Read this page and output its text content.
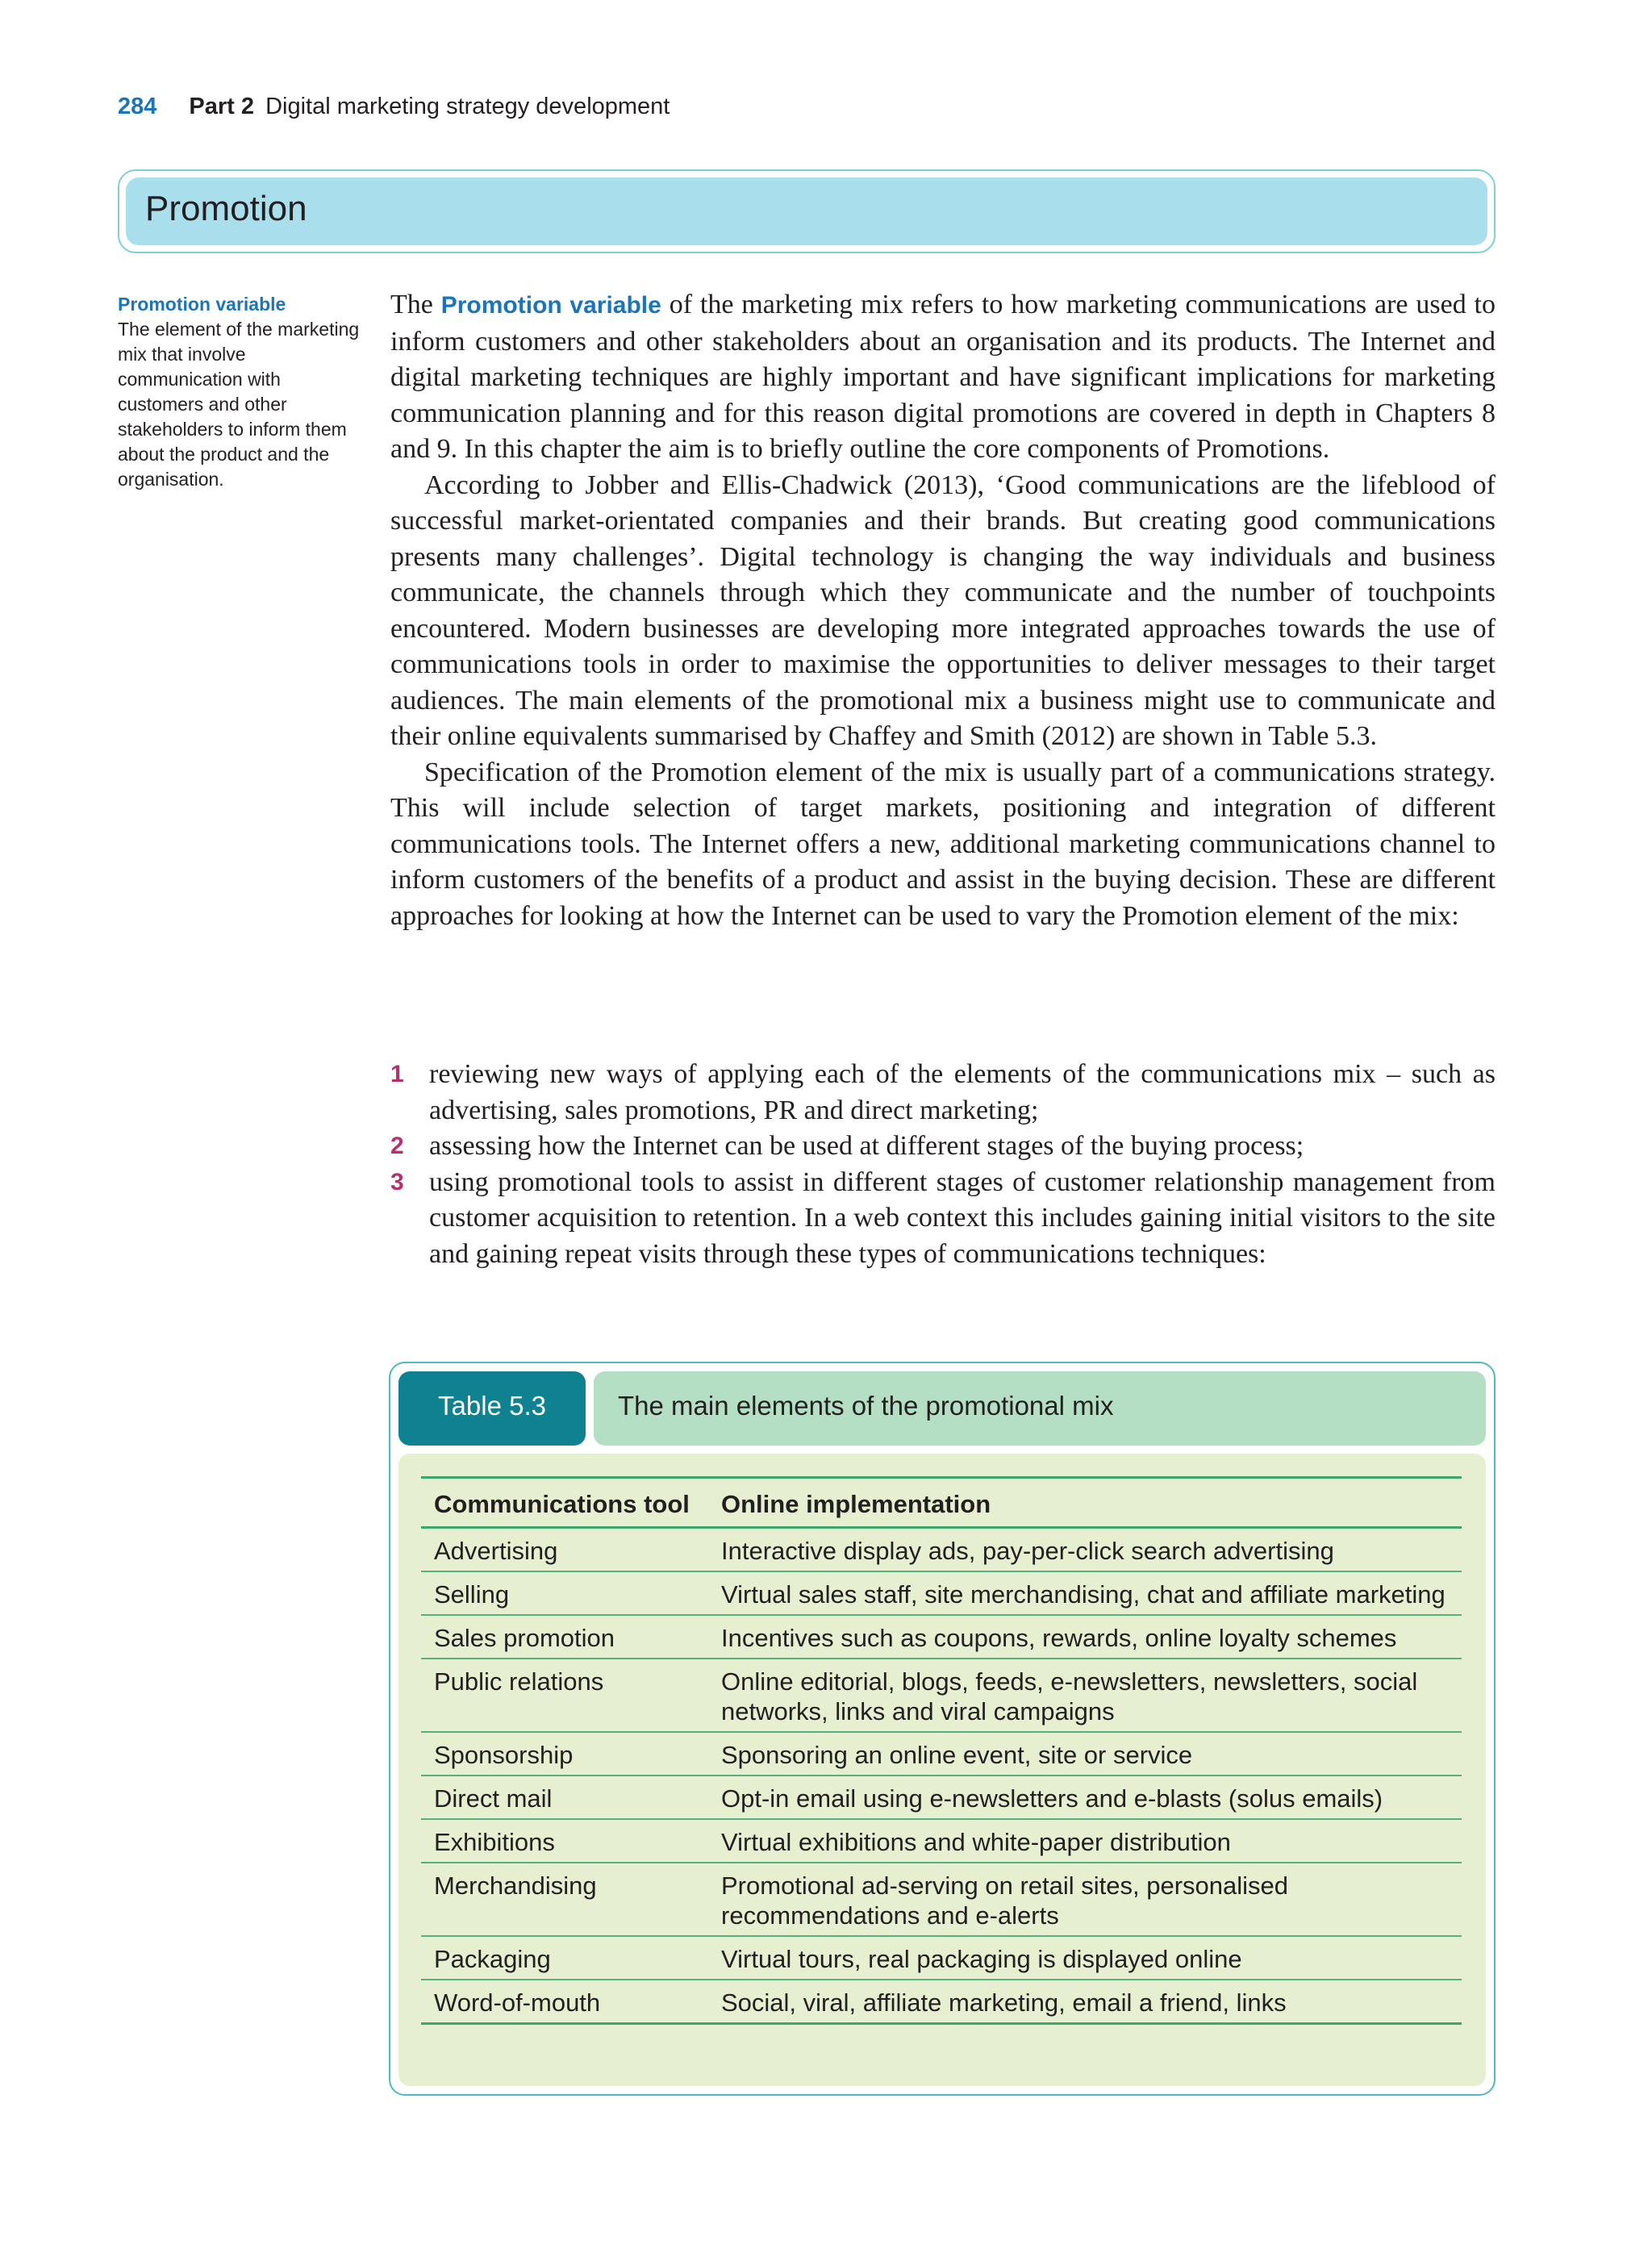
284 Part 2 Digital marketing strategy development
Promotion
Promotion variable
The element of the marketing mix that involve communication with customers and other stakeholders to inform them about the product and the organisation.

The Promotion variable of the marketing mix refers to how marketing communications are used to inform customers and other stakeholders about an organisation and its products. The Internet and digital marketing techniques are highly important and have significant implications for marketing communication planning and for this reason digital promotions are covered in depth in Chapters 8 and 9. In this chapter the aim is to briefly outline the core components of Promotions.

According to Jobber and Ellis-Chadwick (2013), ‘Good communications are the lifeblood of successful market-orientated companies and their brands. But creating good communications presents many challenges’. Digital technology is changing the way individuals and business communicate, the channels through which they communicate and the number of touchpoints encountered. Modern businesses are developing more integrated approaches towards the use of communications tools in order to maximise the opportunities to deliver messages to their target audiences. The main elements of the promotional mix a business might use to communicate and their online equivalents summarised by Chaffey and Smith (2012) are shown in Table 5.3.

Specification of the Promotion element of the mix is usually part of a communications strategy. This will include selection of target markets, positioning and integration of different communications tools. The Internet offers a new, additional marketing communications channel to inform customers of the benefits of a product and assist in the buying decision. These are different approaches for looking at how the Internet can be used to vary the Promotion element of the mix:

1 reviewing new ways of applying each of the elements of the communications mix – such as advertising, sales promotions, PR and direct marketing;
2 assessing how the Internet can be used at different stages of the buying process;
3 using promotional tools to assist in different stages of customer relationship management from customer acquisition to retention. In a web context this includes gaining initial visitors to the site and gaining repeat visits through these types of communications techniques:
Table 5.3	The main elements of the promotional mix
Communications tool	Online implementation
Advertising	Interactive display ads, pay-per-click search advertising
Selling	Virtual sales staff, site merchandising, chat and affiliate marketing
Sales promotion	Incentives such as coupons, rewards, online loyalty schemes
Public relations	Online editorial, blogs, feeds, e-newsletters, newsletters, social networks, links and viral campaigns
Sponsorship	Sponsoring an online event, site or service
Direct mail	Opt-in email using e-newsletters and e-blasts (solus emails)
Exhibitions	Virtual exhibitions and white-paper distribution
Merchandising	Promotional ad-serving on retail sites, personalised recommendations and e-alerts
Packaging	Virtual tours, real packaging is displayed online
Word-of-mouth	Social, viral, affiliate marketing, email a friend, links
